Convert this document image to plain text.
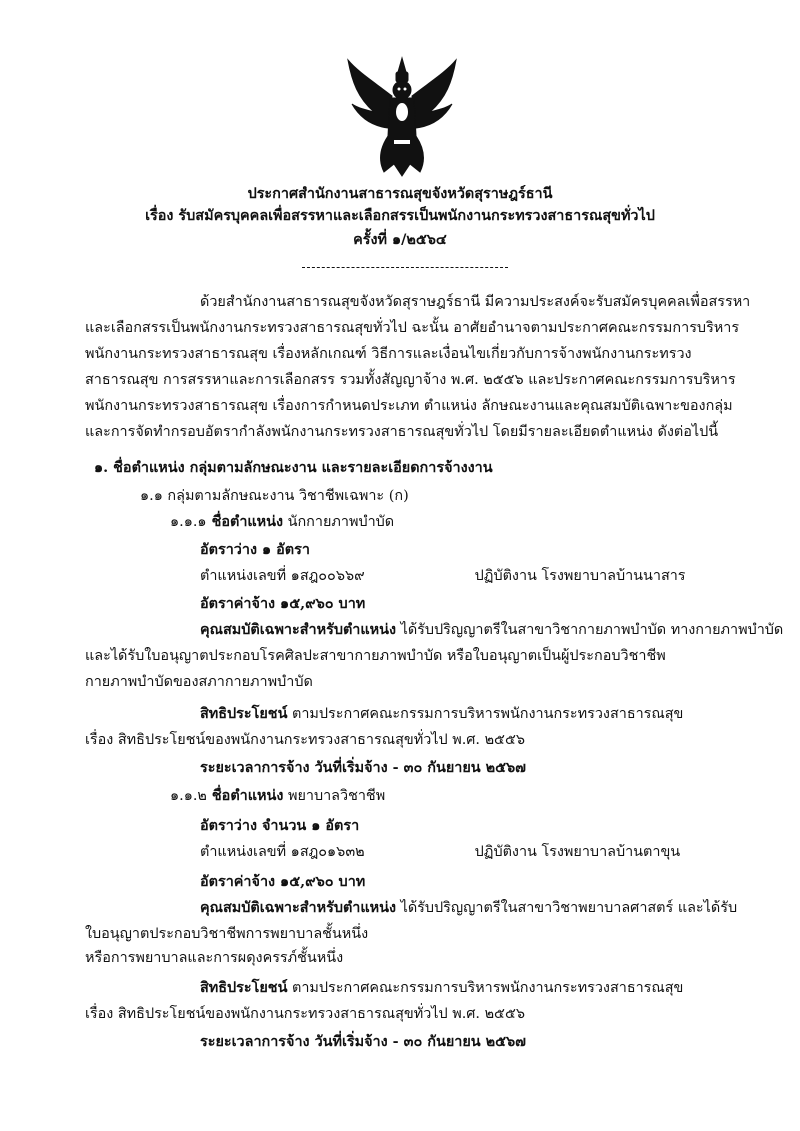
ประกาศสำนักงานสาธารณสุขจังหวัดสุราษฎร์ธานี
เรื่อง รับสมัครบุคคลเพื่อสรรหาและเลือกสรรเป็นพนักงานกระทรวงสาธารณสุขทั่วไป
ครั้งที่ ๑/๒๕๖๔
ด้วยสำนักงานสาธารณสุขจังหวัดสุราษฎร์ธานี มีความประสงค์จะรับสมัครบุคคลเพื่อสรรหา
และเลือกสรรเป็นพนักงานกระทรวงสาธารณสุขทั่วไป ฉะนั้น อาศัยอำนาจตามประกาศคณะกรรมการบริหาร
พนักงานกระทรวงสาธารณสุข เรื่องหลักเกณฑ์ วิธีการและเงื่อนไขเกี่ยวกับการจ้างพนักงานกระทรวง
สาธารณสุข การสรรหาและการเลือกสรร รวมทั้งสัญญาจ้าง พ.ศ. ๒๕๕๖ และประกาศคณะกรรมการบริหาร
พนักงานกระทรวงสาธารณสุข เรื่องการกำหนดประเภท ตำแหน่ง ลักษณะงานและคุณสมบัติเฉพาะของกลุ่ม
และการจัดทำกรอบอัตรากำลังพนักงานกระทรวงสาธารณสุขทั่วไป โดยมีรายละเอียดตำแหน่ง ดังต่อไปนี้
๑. ชื่อตำแหน่ง กลุ่มตามลักษณะงาน และรายละเอียดการจ้างงาน
๑.๑ กลุ่มตามลักษณะงาน วิชาชีพเฉพาะ (ก)
๑.๑.๑ ชื่อตำแหน่ง นักกายภาพบำบัด
อัตราว่าง ๑ อัตรา
ตำแหน่งเลขที่ ๑สฎ๐๐๖๖๙	ปฏิบัติงาน โรงพยาบาลบ้านนาสาร
อัตราค่าจ้าง ๑๕,๙๖๐ บาท
คุณสมบัติเฉพาะสำหรับตำแหน่ง ได้รับปริญญาตรีในสาขาวิชากายภาพบำบัด ทางกายภาพบำบัด
และได้รับใบอนุญาตประกอบโรคศิลปะสาขากายภาพบำบัด หรือใบอนุญาตเป็นผู้ประกอบวิชาชีพ
กายภาพบำบัดของสภากายภาพบำบัด
สิทธิประโยชน์ ตามประกาศคณะกรรมการบริหารพนักงานกระทรวงสาธารณสุข
เรื่อง สิทธิประโยชน์ของพนักงานกระทรวงสาธารณสุขทั่วไป พ.ศ. ๒๕๕๖
ระยะเวลาการจ้าง วันที่เริ่มจ้าง - ๓๐ กันยายน ๒๕๖๗
๑.๑.๒ ชื่อตำแหน่ง พยาบาลวิชาชีพ
อัตราว่าง จำนวน ๑ อัตรา
ตำแหน่งเลขที่ ๑สฎ๐๑๖๓๒	ปฏิบัติงาน โรงพยาบาลบ้านตาขุน
อัตราค่าจ้าง ๑๕,๙๖๐ บาท
คุณสมบัติเฉพาะสำหรับตำแหน่ง ได้รับปริญญาตรีในสาขาวิชาพยาบาลศาสตร์ และได้รับ
ใบอนุญาตประกอบวิชาชีพการพยาบาลชั้นหนึ่ง
หรือการพยาบาลและการผดุงครรภ์ชั้นหนึ่ง
สิทธิประโยชน์ ตามประกาศคณะกรรมการบริหารพนักงานกระทรวงสาธารณสุข
เรื่อง สิทธิประโยชน์ของพนักงานกระทรวงสาธารณสุขทั่วไป พ.ศ. ๒๕๕๖
ระยะเวลาการจ้าง วันที่เริ่มจ้าง - ๓๐ กันยายน ๒๕๖๗
